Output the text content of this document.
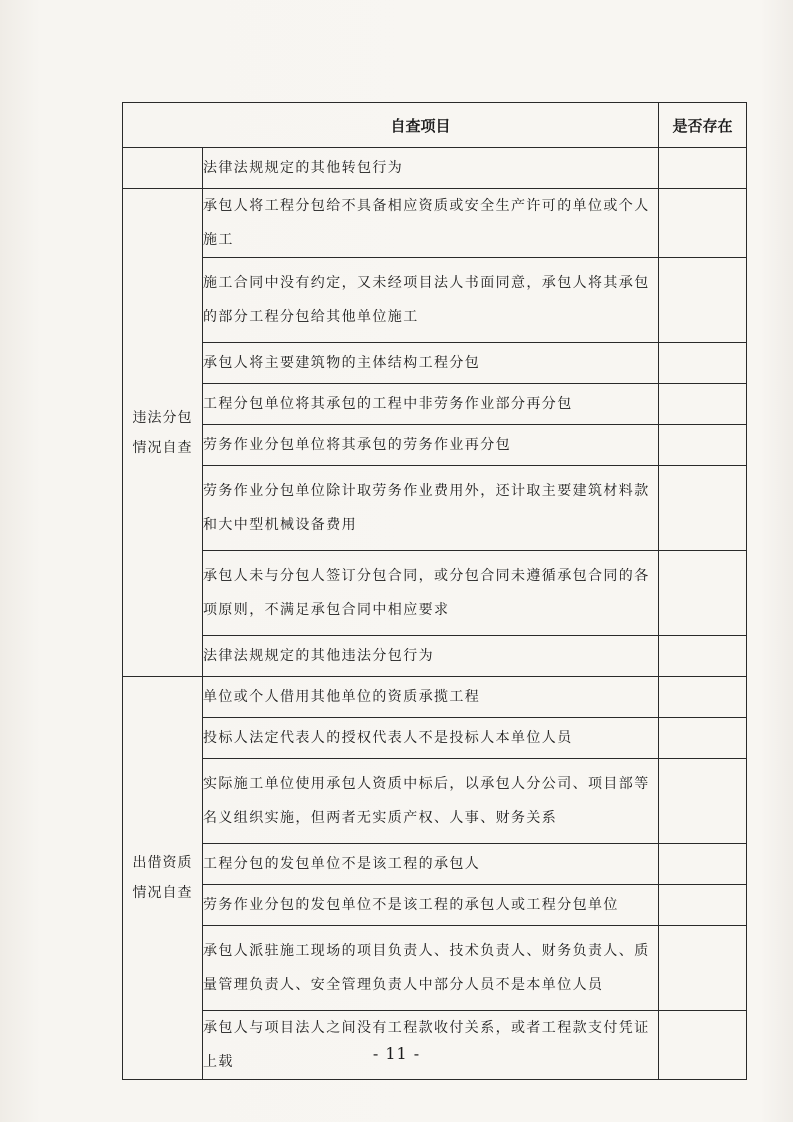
自查项目		是否存在
	法律法规规定的其他转包行为	

违法分包
情况自查	承包人将工程分包给不具备相应资质或安全生产许可的单位或个人施工	
	施工合同中没有约定，又未经项目法人书面同意，承包人将其承包的部分工程分包给其他单位施工	
	承包人将主要建筑物的主体结构工程分包	
	工程分包单位将其承包的工程中非劳务作业部分再分包	
	劳务作业分包单位将其承包的劳务作业再分包	
	劳务作业分包单位除计取劳务作业费用外，还计取主要建筑材料款和大中型机械设备费用	
	承包人未与分包人签订分包合同，或分包合同未遵循承包合同的各项原则，不满足承包合同中相应要求	
	法律法规规定的其他违法分包行为	

出借资质
情况自查	单位或个人借用其他单位的资质承揽工程	
	投标人法定代表人的授权代表人不是投标人本单位人员	
	实际施工单位使用承包人资质中标后，以承包人分公司、项目部等名义组织实施，但两者无实质产权、人事、财务关系	
	工程分包的发包单位不是该工程的承包人	
	劳务作业分包的发包单位不是该工程的承包人或工程分包单位	
	承包人派驻施工现场的项目负责人、技术负责人、财务负责人、质量管理负责人、安全管理负责人中部分人员不是本单位人员	
	承包人与项目法人之间没有工程款收付关系，或者工程款支付凭证上载		- 11 -
